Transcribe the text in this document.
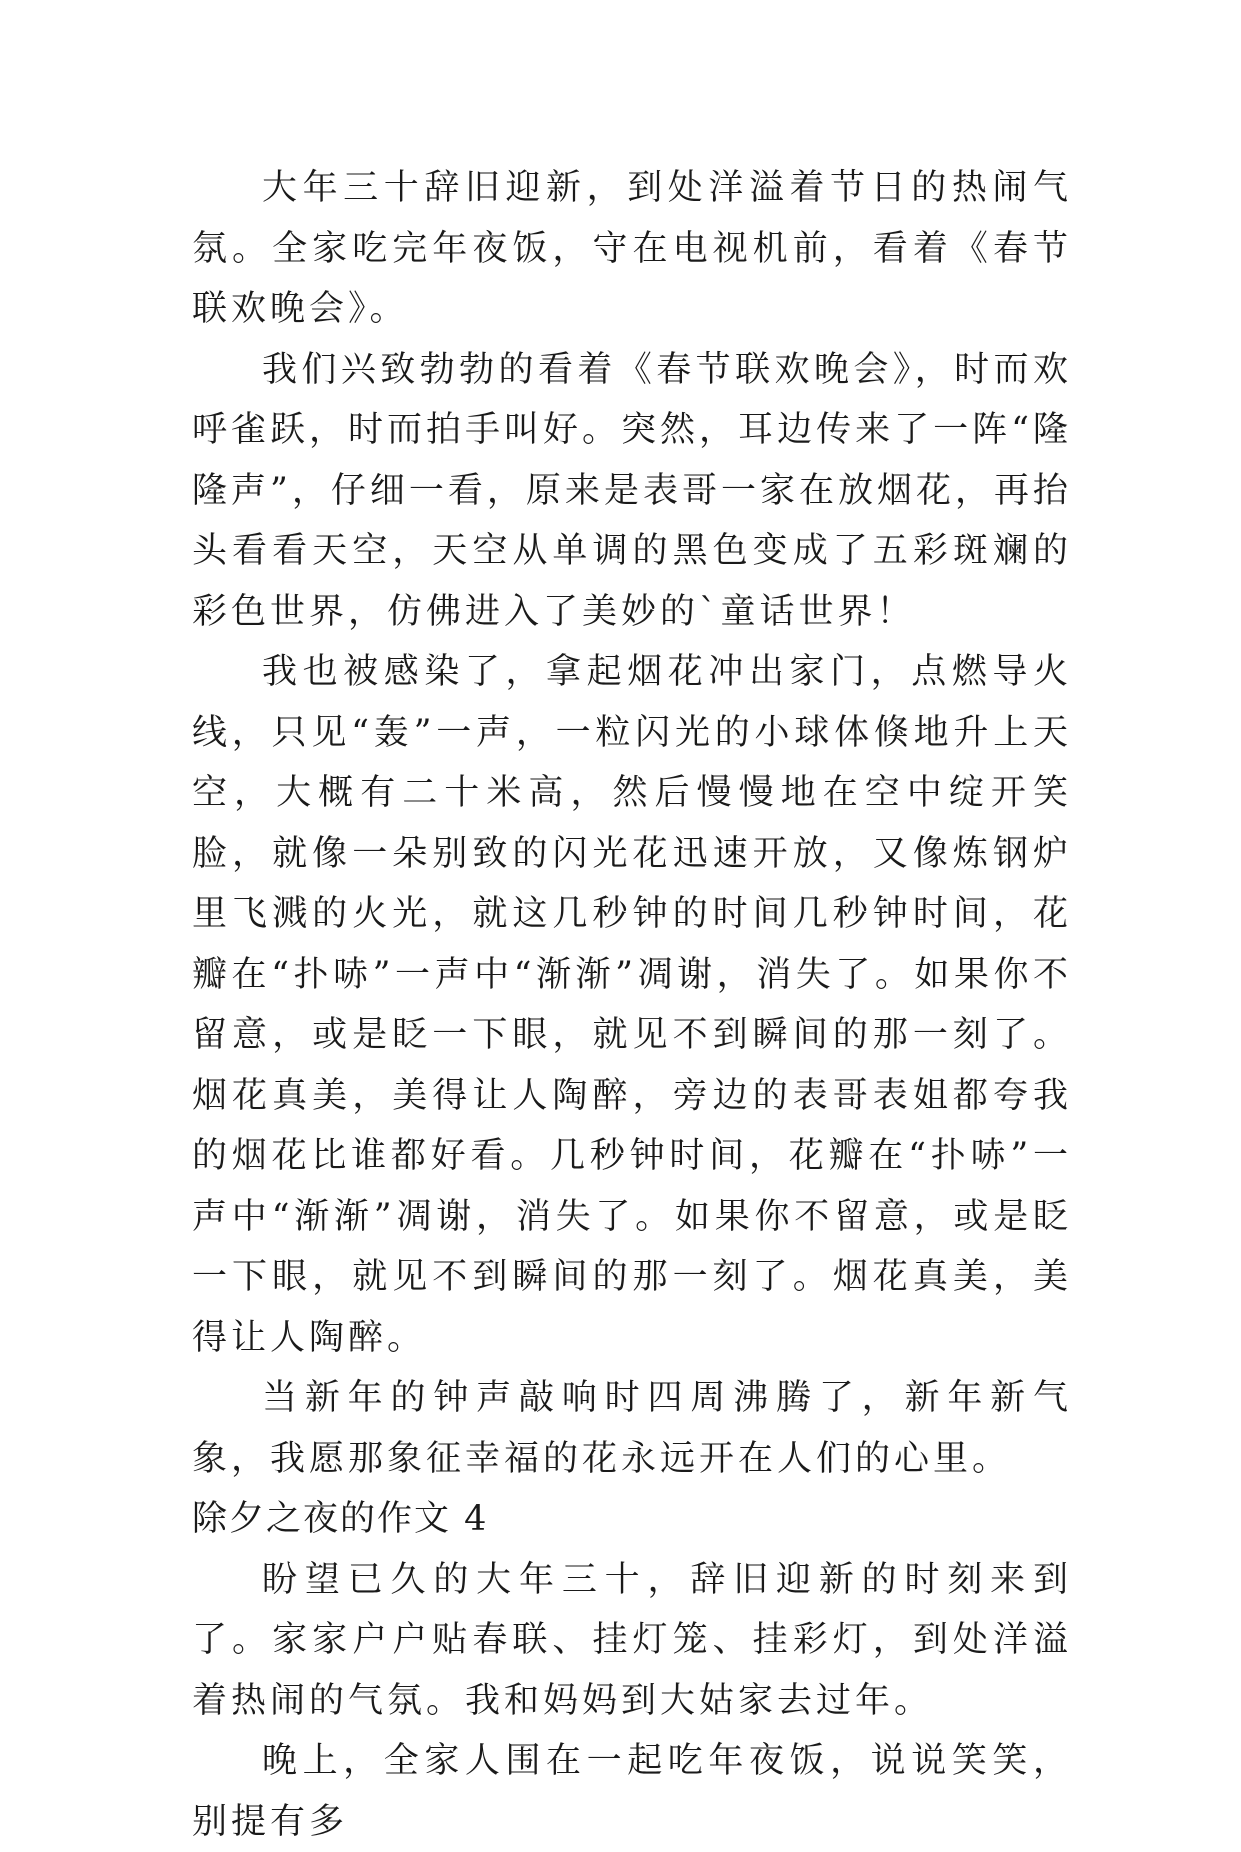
大年三十辞旧迎新，到处洋溢着节日的热闹气氛。全家吃完年夜饭，守在电视机前，看着《春节联欢晚会》。

我们兴致勃勃的看着《春节联欢晚会》，时而欢呼雀跃，时而拍手叫好。突然，耳边传来了一阵“隆隆声”，仔细一看，原来是表哥一家在放烟花，再抬头看看天空，天空从单调的黑色变成了五彩斑斓的彩色世界，仿佛进入了美妙的`童话世界！

我也被感染了，拿起烟花冲出家门，点燃导火线，只见“轰”一声，一粒闪光的小球体倏地升上天空，大概有二十米高，然后慢慢地在空中绽开笑脸，就像一朵别致的闪光花迅速开放，又像炼钢炉里飞溅的火光，就这几秒钟的时间几秒钟时间，花瓣在“扑哧”一声中“渐渐”凋谢，消失了。如果你不留意，或是眨一下眼，就见不到瞬间的那一刻了。烟花真美，美得让人陶醉，旁边的表哥表姐都夸我的烟花比谁都好看。几秒钟时间，花瓣在“扑哧”一声中“渐渐”凋谢，消失了。如果你不留意，或是眨一下眼，就见不到瞬间的那一刻了。烟花真美，美得让人陶醉。

当新年的钟声敲响时四周沸腾了，新年新气象，我愿那象征幸福的花永远开在人们的心里。

除夕之夜的作文 4

盼望已久的大年三十，辞旧迎新的时刻来到了。家家户户贴春联、挂灯笼、挂彩灯，到处洋溢着热闹的气氛。我和妈妈到大姑家去过年。

晚上，全家人围在一起吃年夜饭，说说笑笑，别提有多
